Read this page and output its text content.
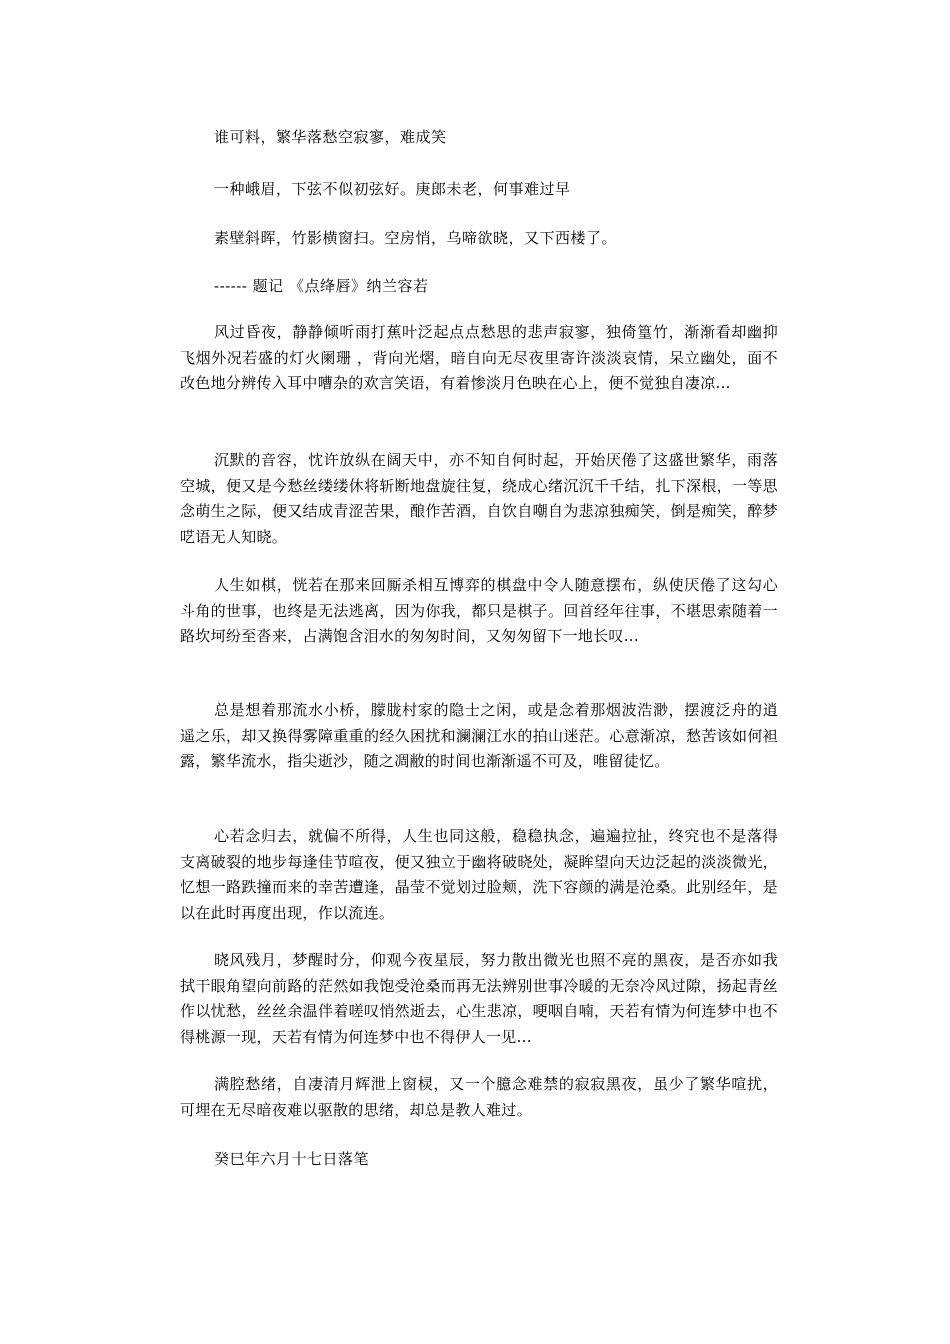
谁可料，繁华落愁空寂寥，难成笑
一种峨眉，下弦不似初弦好。庚郎未老，何事难过早
素壁斜晖，竹影横窗扫。空房悄，乌啼欲晓，又下西楼了。
------ 题记 《点绛唇》纳兰容若
风过昏夜，静静倾听雨打蕉叶泛起点点愁思的悲声寂寥，独倚篁竹，渐渐看却幽抑飞烟外况若盛的灯火阑珊 ，背向光熠，暗自向无尽夜里寄许淡淡哀情，呆立幽处，面不改色地分辨传入耳中嘈杂的欢言笑语，有着惨淡月色映在心上，便不觉独自凄凉...
沉默的音容，忱许放纵在阔天中，亦不知自何时起，开始厌倦了这盛世繁华，雨落空城，便又是今愁丝缕缕休将斩断地盘旋往复，绕成心绪沉沉千千结，扎下深根，一等思念萌生之际，便又结成青涩苦果，酿作苦酒，自饮自嘲自为悲凉独痴笑，倒是痴笑，醉梦呓语无人知晓。
人生如棋，恍若在那来回厮杀相互博弈的棋盘中令人随意摆布，纵使厌倦了这勾心斗角的世事，也终是无法逃离，因为你我，都只是棋子。回首经年往事，不堪思索随着一路坎坷纷至沓来，占满饱含泪水的匆匆时间，又匆匆留下一地长叹...
总是想着那流水小桥，朦胧村家的隐士之闲，或是念着那烟波浩渺，摆渡泛舟的逍遥之乐，却又换得雾障重重的经久困扰和澜澜江水的拍山迷茫。心意渐凉，愁苦该如何袒露，繁华流水，指尖逝沙，随之凋敝的时间也渐渐遥不可及，唯留徒忆。
心若念归去，就偏不所得，人生也同这般，稳稳执念，遍遍拉扯，终究也不是落得支离破裂的地步每逢佳节喧夜，便又独立于幽将破晓处，凝眸望向天边泛起的淡淡微光，忆想一路跌撞而来的幸苦遭逢，晶莹不觉划过脸颊，洗下容颜的满是沧桑。此别经年，是以在此时再度出现，作以流连。
晓风残月，梦醒时分，仰观今夜星辰，努力散出微光也照不亮的黑夜，是否亦如我拭干眼角望向前路的茫然如我饱受沧桑而再无法辨别世事冷暖的无奈冷风过隙，扬起青丝作以忧愁，丝丝余温伴着嗟叹悄然逝去，心生悲凉，哽咽自喃，天若有情为何连梦中也不得桃源一现，天若有情为何连梦中也不得伊人一见...
满腔愁绪，自凄清月辉泄上窗棂，又一个臆念难禁的寂寂黑夜，虽少了繁华喧扰，可埋在无尽暗夜难以驱散的思绪，却总是教人难过。
癸巳年六月十七日落笔
